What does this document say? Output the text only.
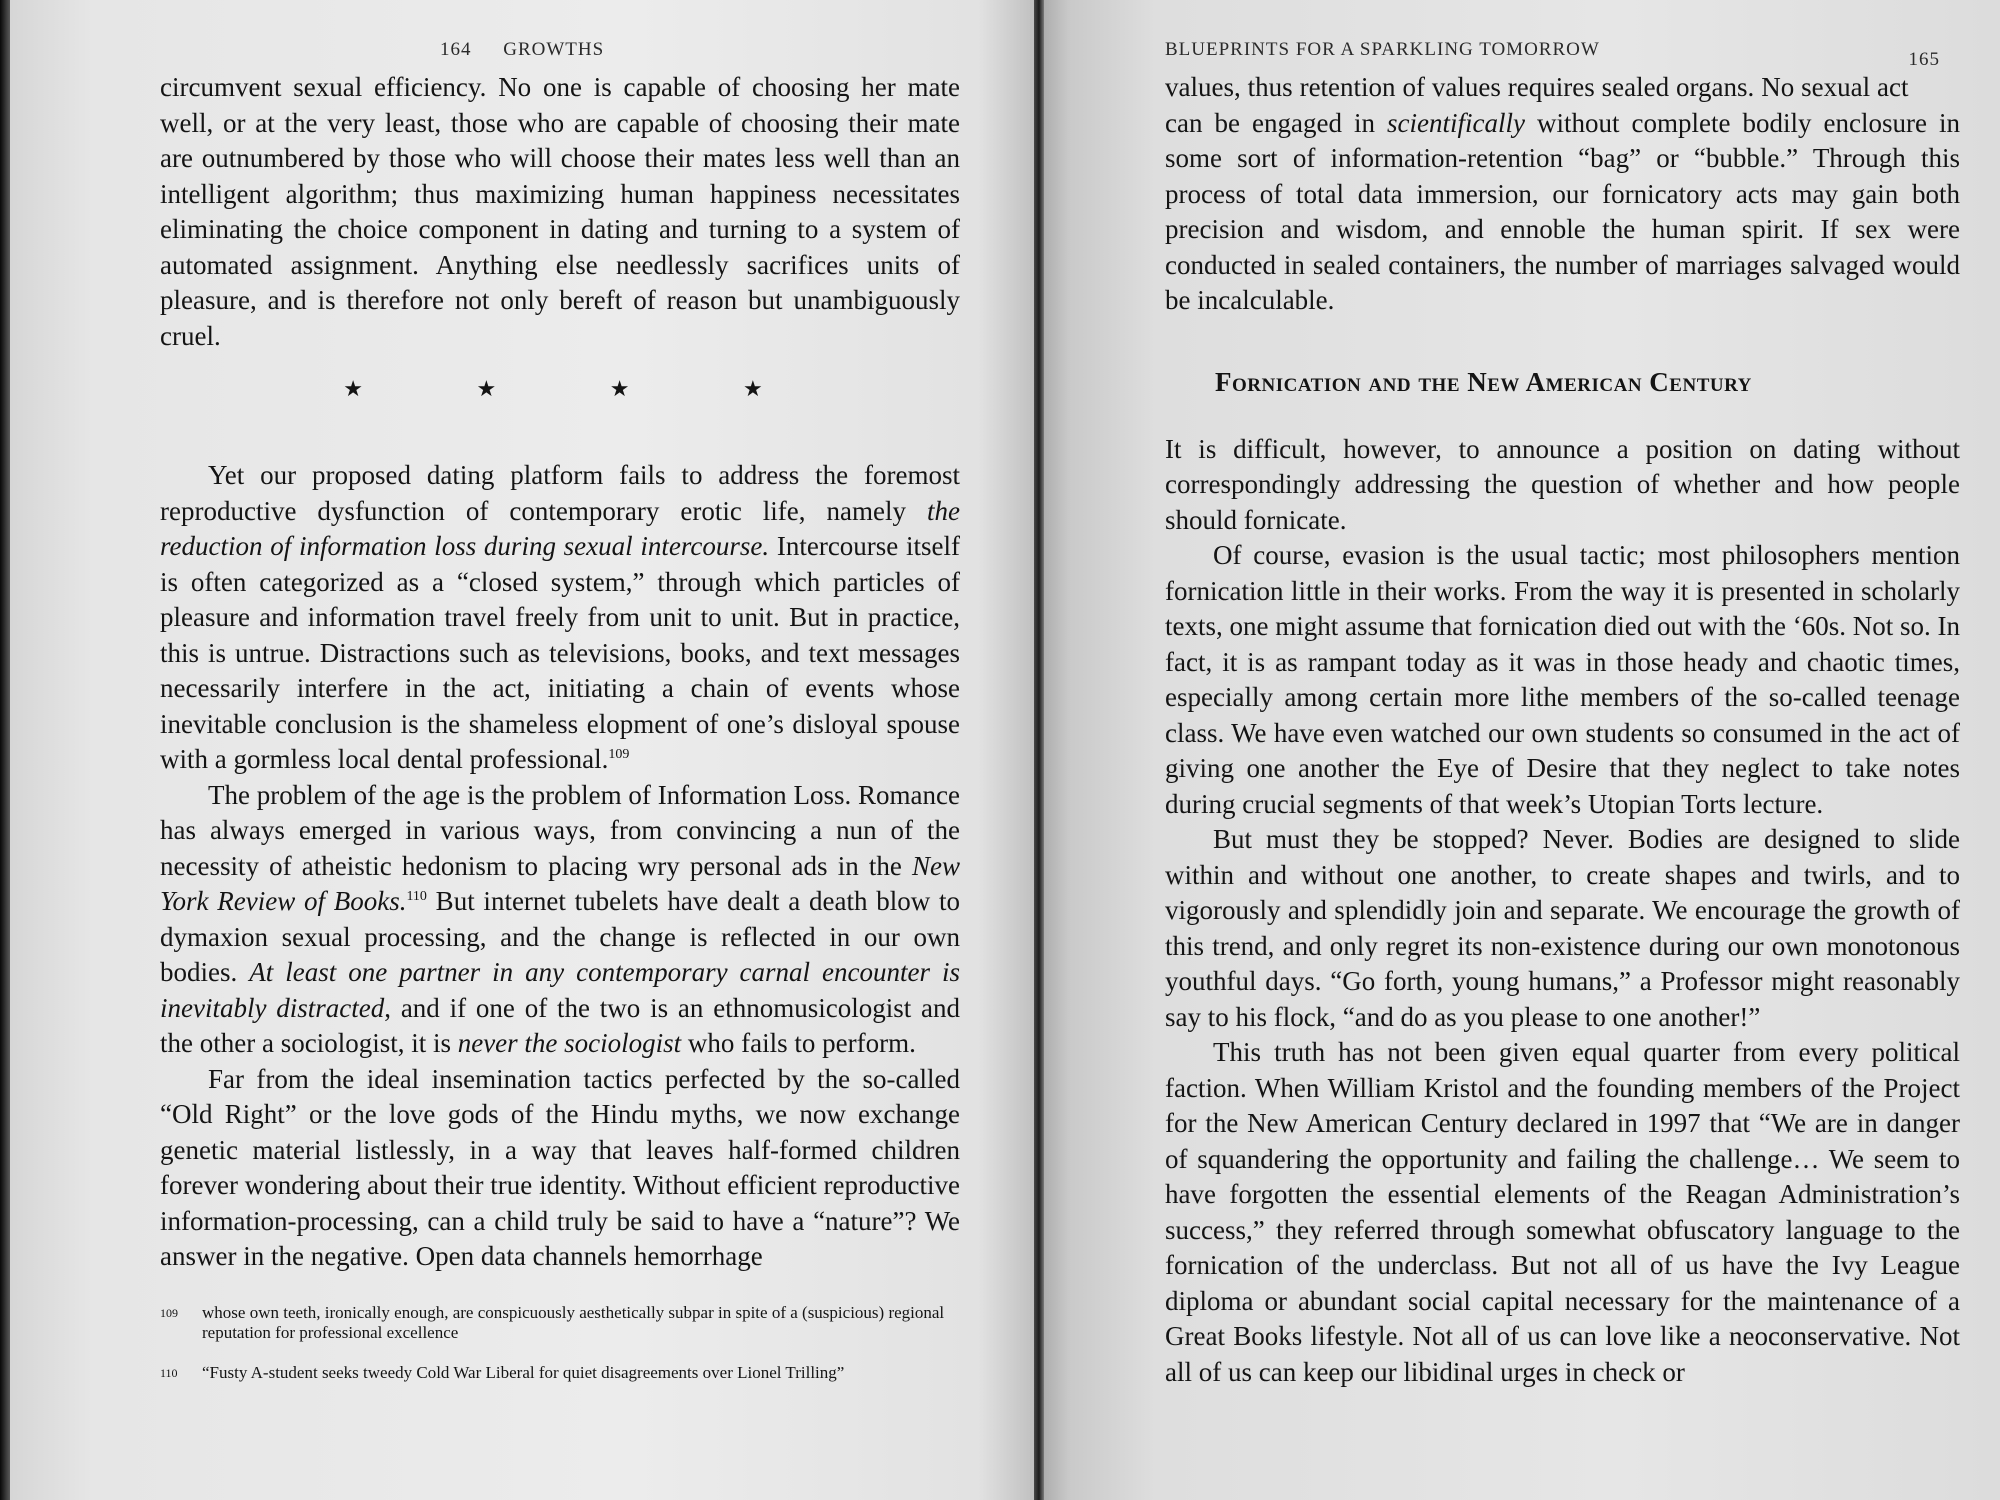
164 GROWTHS

circumvent sexual efficiency. No one is capable of choosing her mate well, or at the very least, those who are capable of choosing their mate are outnumbered by those who will choose their mates less well than an intelligent algorithm; thus maximizing human happiness necessitates eliminating the choice component in dating and turning to a system of automated assignment. Anything else needlessly sacrifices units of pleasure, and is therefore not only bereft of reason but unambiguously cruel.

★ ★ ★ ★

Yet our proposed dating platform fails to address the foremost reproductive dysfunction of contemporary erotic life, namely the reduction of information loss during sexual intercourse. Intercourse itself is often categorized as a “closed system,” through which particles of pleasure and information travel freely from unit to unit. But in practice, this is untrue. Distractions such as televisions, books, and text messages necessarily interfere in the act, initiating a chain of events whose inevitable conclusion is the shameless elopment of one’s disloyal spouse with a gormless local dental professional.$^{109}$

The problem of the age is the problem of Information Loss. Romance has always emerged in various ways, from convincing a nun of the necessity of atheistic hedonism to placing wry personal ads in the New York Review of Books.$^{110}$ But internet tubelets have dealt a death blow to dymaxion sexual processing, and the change is reflected in our own bodies. At least one partner in any contemporary carnal encounter is inevitably distracted, and if one of the two is an ethnomusicologist and the other a sociologist, it is never the sociologist who fails to perform.

Far from the ideal insemination tactics perfected by the so-called “Old Right” or the love gods of the Hindu myths, we now exchange genetic material listlessly, in a way that leaves half-formed children forever wondering about their true identity. Without efficient reproductive information-processing, can a child truly be said to have a “nature”? We answer in the negative. Open data channels hemorrhage

109	whose own teeth, ironically enough, are conspicuously aesthetically subpar in spite of a (suspicious) regional reputation for professional excellence
110	“Fusty A-student seeks tweedy Cold War Liberal for quiet disagreements over Lionel Trilling”
BLUEPRINTS FOR A SPARKLING TOMORROW	165

values, thus retention of values requires sealed organs. No sexual act can be engaged in scientifically without complete bodily enclosure in some sort of information-retention “bag” or “bubble.” Through this process of total data immersion, our fornicatory acts may gain both precision and wisdom, and ennoble the human spirit. If sex were conducted in sealed containers, the number of marriages salvaged would be incalculable.

Fornication and the New American Century

It is difficult, however, to announce a position on dating without correspondingly addressing the question of whether and how people should fornicate.

Of course, evasion is the usual tactic; most philosophers mention fornication little in their works. From the way it is presented in scholarly texts, one might assume that fornication died out with the ‘60s. Not so. In fact, it is as rampant today as it was in those heady and chaotic times, especially among certain more lithe members of the so-called teenage class. We have even watched our own students so consumed in the act of giving one another the Eye of Desire that they neglect to take notes during crucial segments of that week’s Utopian Torts lecture.

But must they be stopped? Never. Bodies are designed to slide within and without one another, to create shapes and twirls, and to vigorously and splendidly join and separate. We encourage the growth of this trend, and only regret its non-existence during our own monotonous youthful days. “Go forth, young humans,” a Professor might reasonably say to his flock, “and do as you please to one another!”

This truth has not been given equal quarter from every political faction. When William Kristol and the founding members of the Project for the New American Century declared in 1997 that “We are in danger of squandering the opportunity and failing the challenge… We seem to have forgotten the essential elements of the Reagan Administration’s success,” they referred through somewhat obfuscatory language to the fornication of the underclass. But not all of us have the Ivy League diploma or abundant social capital necessary for the maintenance of a Great Books lifestyle. Not all of us can love like a neoconservative. Not all of us can keep our libidinal urges in check or
